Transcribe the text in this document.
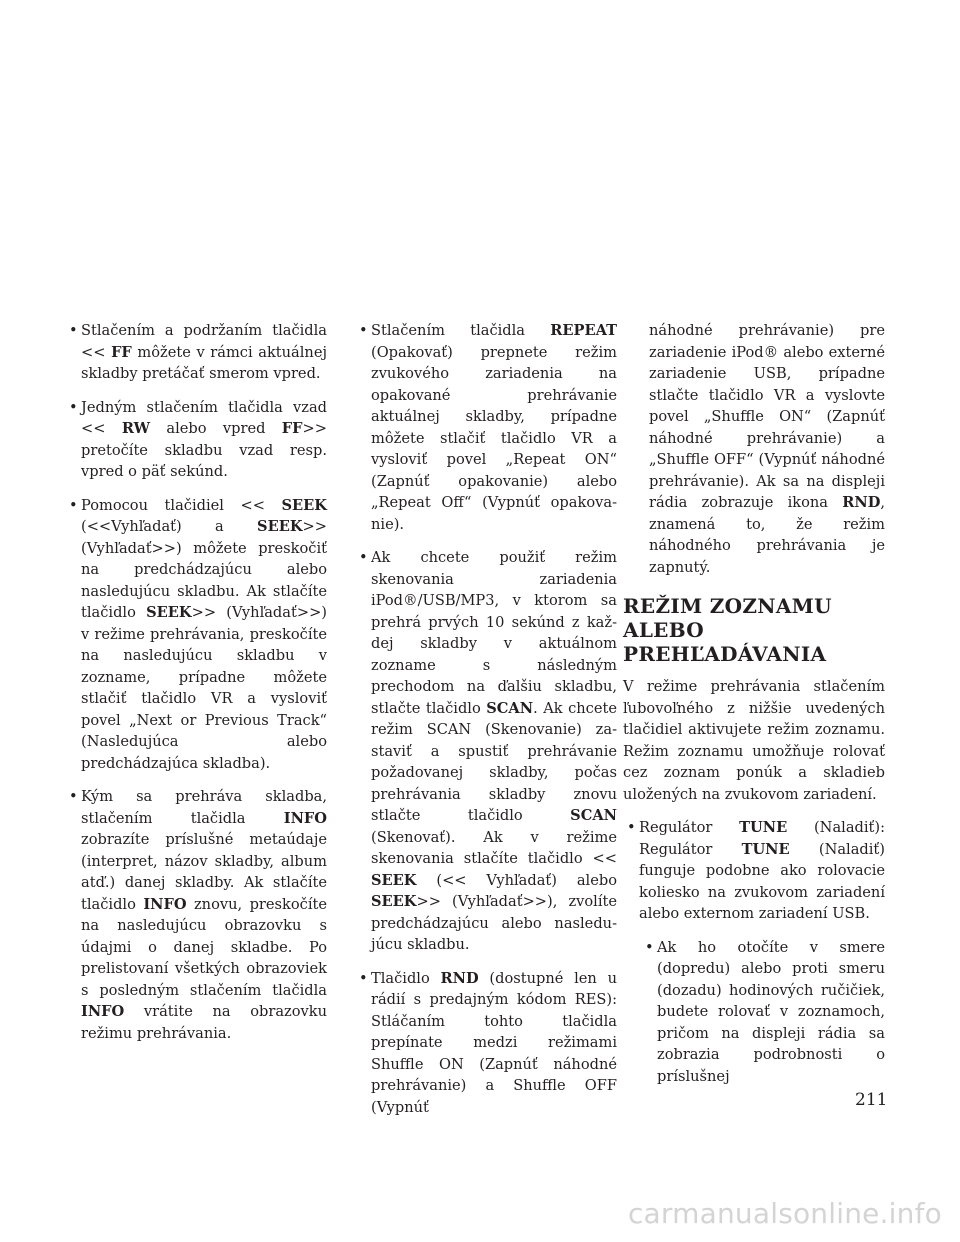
• Stlačením a podržaním tlačidla << FF môžete v rámci aktuálnej skladby pretáčať smerom vpred.

• Jedným stlačením tlačidla vzad << RW alebo vpred FF>> pretočíte skladbu vzad resp. vpred o päť sekúnd.

• Pomocou tlačidiel << SEEK (<<Vyhľadať) a SEEK>> (Vyhľadať>>) môžete preskočiť na predchádzajúcu alebo nasledujúcu skladbu. Ak stlačíte tlačidlo SEEK>> (Vyhľadať>>) v režime prehrávania, preskočíte na nasledujúcu skladbu v zozname, prípadne môžete stlačiť tlačidlo VR a vysloviť povel „Next or Previous Track“ (Nasledujúca alebo predchádzajúca skladba).

• Kým sa prehráva skladba, stlačením tlačidla INFO zobrazíte príslušné metaúdaje (interpret, názov skladby, album atď.) danej skladby. Ak stlačíte tlačidlo INFO znovu, preskočíte na nasledujúcu obrazovku s údajmi o danej skladbe. Po prelistovaní všetkých obrazoviek s posledným stlačením tlačidla INFO vrátite na obrazovku režimu prehrávania.

• Stlačením tlačidla REPEAT (Opakovať) prepnete režim zvukového zariadenia na opakované prehrávanie aktuálnej skladby, prípadne môžete stlačiť tlačidlo VR a vysloviť povel „Repeat ON“ (Zapnúť opakovanie) alebo „Repeat Off“ (Vypnúť opakovanie).

• Ak chcete použiť režim skenovania zariadenia iPod®/USB/MP3, v ktorom sa prehrá prvých 10 sekúnd z každej skladby v aktuálnom zozname s následným prechodom na ďalšiu skladbu, stlačte tlačidlo SCAN. Ak chcete režim SCAN (Skenovanie) zastaviť a spustiť prehrávanie požadovanej skladby, počas prehrávania skladby znovu stlačte tlačidlo SCAN (Skenovať). Ak v režime skenovania stlačíte tlačidlo << SEEK (<< Vyhľadať) alebo SEEK>> (Vyhľadať>>), zvolíte predchádzajúcu alebo nasledujúcu skladbu.

• Tlačidlo RND (dostupné len u rádií s predajným kódom RES): Stláčaním tohto tlačidla prepínate medzi režimami Shuffle ON (Zapnúť náhodné prehrávanie) a Shuffle OFF (Vypnúť

náhodné prehrávanie) pre zariadenie iPod® alebo externé zariadenie USB, prípadne stlačte tlačidlo VR a vyslovte povel „Shuffle ON“ (Zapnúť náhodné prehrávanie) a „Shuffle OFF“ (Vypnúť náhodné prehrávanie). Ak sa na displeji rádia zobrazuje ikona RND, znamená to, že režim náhodného prehrávania je zapnutý.

REŽIM ZOZNAMU ALEBO
PREHĽADÁVANIA

V režime prehrávania stlačením ľubovoľného z nižšie uvedených tlačidiel aktivujete režim zoznamu. Režim zoznamu umožňuje rolovať cez zoznam ponúk a skladieb uložených na zvukovom zariadení.

• Regulátor TUNE (Naladiť): Regulátor TUNE (Naladiť) funguje podobne ako rolovacie koliesko na zvukovom zariadení alebo externom zariadení USB.

• Ak ho otočíte v smere (dopredu) alebo proti smeru (dozadu) hodinových ručičiek, budete rolovať v zoznamoch, pričom na displeji rádia sa zobrazia podrobnosti o príslušnej

211
carmanualsonline.info
